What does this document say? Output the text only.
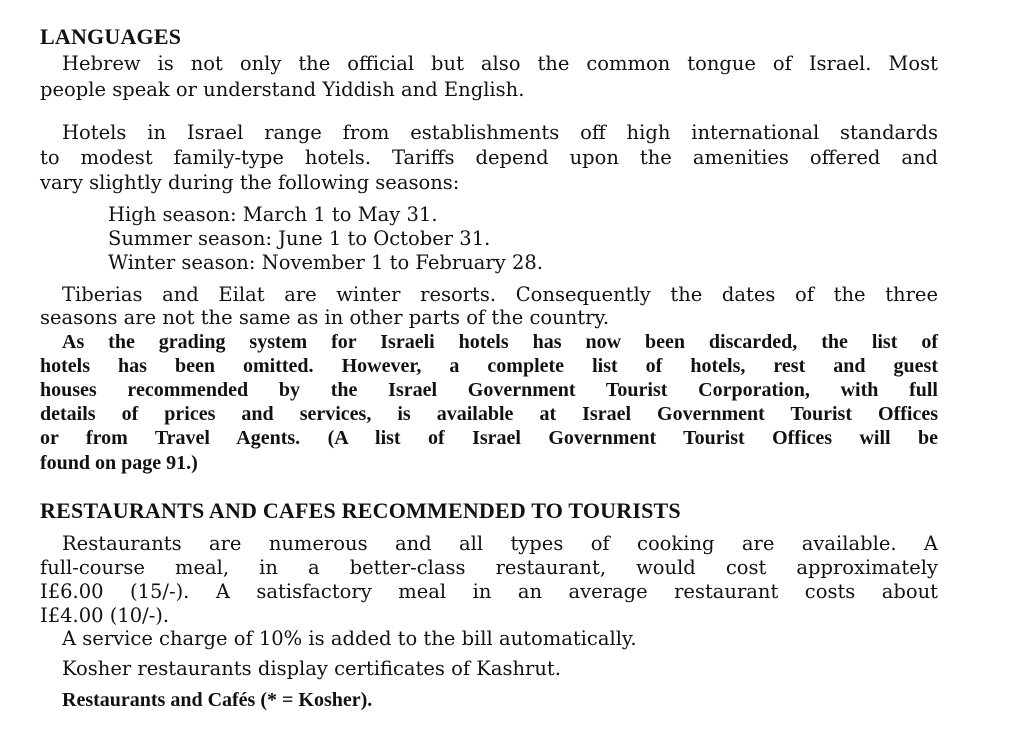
LANGUAGES

Hebrew is not only the official but also the common tongue of Israel. Most

people speak or understand Yiddish and English.

Hotels in Israel range from establishments off high international standards

to modest family-type hotels. Tariffs depend upon the amenities offered and

vary slightly during the following seasons:

High season: March 1 to May 31.

Summer season: June 1 to October 31.

Winter season: November 1 to February 28.

Tiberias and Eilat are winter resorts. Consequently the dates of the three

seasons are not the same as in other parts of the country.

As the grading system for Israeli hotels has now been discarded, the list of

hotels has been omitted. However, a complete list of hotels, rest and guest

houses recommended by the Israel Government Tourist Corporation, with full

details of prices and services, is available at Israel Government Tourist Offices

or from Travel Agents. (A list of Israel Government Tourist Offices will be

found on page 91.)

RESTAURANTS AND CAFES RECOMMENDED TO TOURISTS

Restaurants are numerous and all types of cooking are available. A

full-course meal, in a better-class restaurant, would cost approximately

I£6.00 (15/-). A satisfactory meal in an average restaurant costs about

I£4.00 (10/-).

A service charge of 10% is added to the bill automatically.

Kosher restaurants display certificates of Kashrut.

Restaurants and Cafés (* = Kosher).
